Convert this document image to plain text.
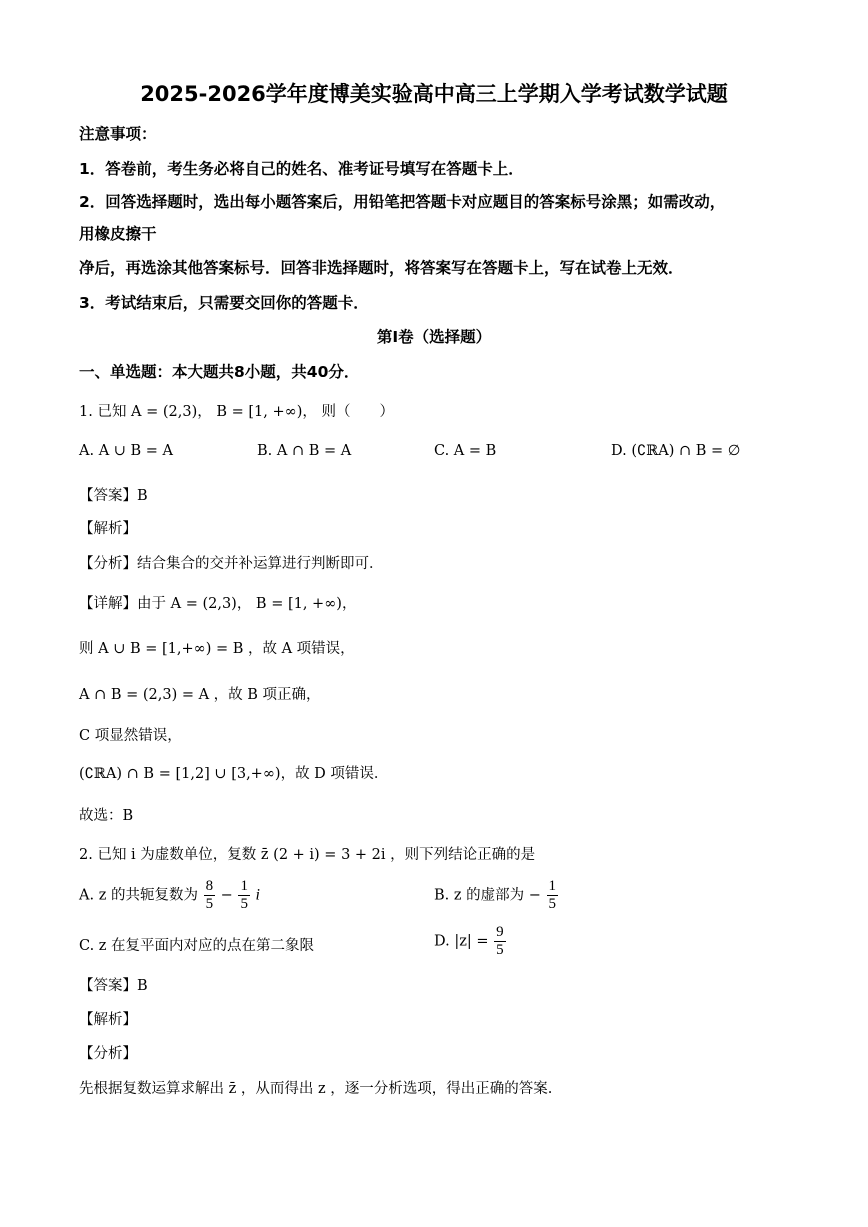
2025-2026学年度博美实验高中高三上学期入学考试数学试题
注意事项：
1．答卷前，考生务必将自己的姓名、准考证号填写在答题卡上．
2．回答选择题时，选出每小题答案后，用铅笔把答题卡对应题目的答案标号涂黑；如需改动，
用橡皮擦干
净后，再选涂其他答案标号．回答非选择题时，将答案写在答题卡上，写在试卷上无效．
3．考试结束后，只需要交回你的答题卡．
第I卷（选择题）
一、单选题：本大题共8小题，共40分．
1. 已知 A = (2,3)， B = [1, +∞)， 则（　　）
A. A ∪ B = A	B. A ∩ B = A	C. A = B	D. (∁ℝA) ∩ B = ∅
【答案】B
【解析】
【分析】结合集合的交并补运算进行判断即可．
【详解】由于 A = (2,3)， B = [1, +∞)，
则 A ∪ B = [1,+∞) = B ，故 A 项错误，
A ∩ B = (2,3) = A ，故 B 项正确，
C 项显然错误，
(∁ℝA) ∩ B = [1,2] ∪ [3,+∞)，故 D 项错误．
故选：B
2. 已知 i 为虚数单位，复数 z̄ (2 + i) = 3 + 2i ，则下列结论正确的是
A. z 的共轭复数为 $\frac{8}{5} - \frac{1}{5}$ i	B. z 的虚部为 − $\frac{1}{5}$
C. z 在复平面内对应的点在第二象限	D. $|z| = \frac{9}{5}$
【答案】B
【解析】
【分析】
先根据复数运算求解出 z̄ ，从而得出 z ，逐一分析选项，得出正确的答案.
